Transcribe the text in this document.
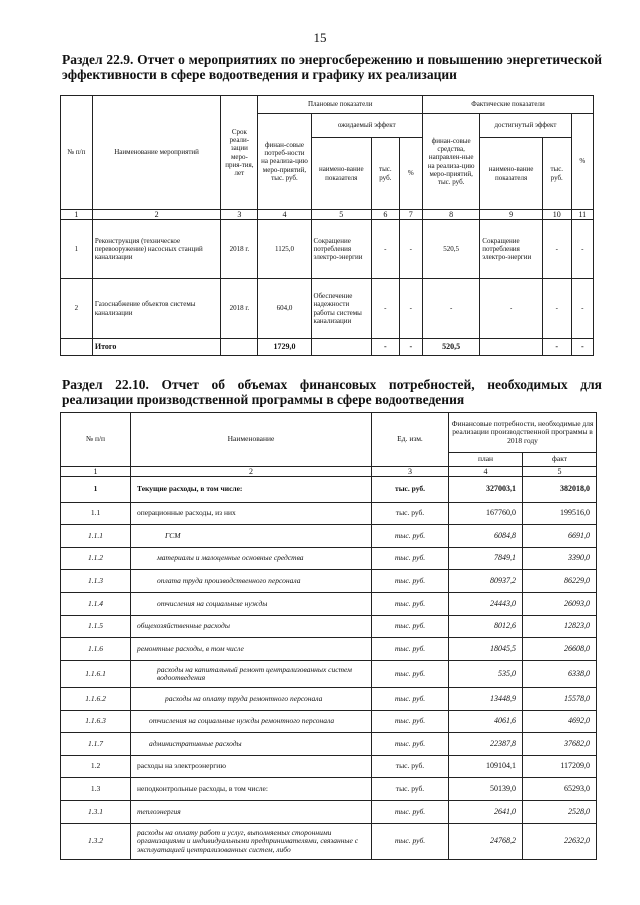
15
Раздел 22.9. Отчет о мероприятиях по энергосбережению и повышению энергетической эффективности в сфере водоотведения и графику их реализации
№ п/п	Наименование мероприятий	Срок реали-зации меро-прия-тия, лет	Плановые показатели				Фактические показатели			
			финан-совые потреб-ности на реализа-цию меро-приятий, тыс. руб.	ожидаемый эффект			финан-совые средства, направлен-ные на реализа-цию меро-приятий, тыс. руб.	достигнутый эффект		%
				наимено-вание показателя	тыс. руб.	%		наимено-вание показателя	тыс. руб.	
1	2	3	4	5	6	7	8	9	10	11
1	Реконструкция (техническое перевооружение) насосных станций канализации	2018 г.	1125,0	Сокращение потребления электро-энергии	-	-	520,5	Сокращение потребления электро-энергии	-	-
2	Газоснабжение объектов системы канализации	2018 г.	604,0	Обеспечение надежности работы системы канализации	-	-	-	-	-	-
	Итого		1729,0		-	-	520,5		-	-
Раздел 22.10. Отчет об объемах финансовых потребностей, необходимых для реализации производственной программы в сфере водоотведения
№ п/п	Наименование	Ед. изм.	Финансовые потребности, необходимые для реализации производственной программы в 2018 году	
			план	факт
1	2	3	4	5
1	Текущие расходы, в том числе:	тыс. руб.	327003,1	382018,0
1.1	операционные расходы, из них	тыс. руб.	167760,0	199516,0
1.1.1	ГСМ	тыс. руб.	6084,8	6691,0
1.1.2	материалы и малоценные основные средства	тыс. руб.	7849,1	3390,0
1.1.3	оплата труда производственного персонала	тыс. руб.	80937,2	86229,0
1.1.4	отчисления на социальные нужды	тыс. руб.	24443,0	26093,0
1.1.5	общехозяйственные расходы	тыс. руб.	8012,6	12823,0
1.1.6	ремонтные расходы, в том числе	тыс. руб.	18045,5	26608,0
1.1.6.1	расходы на капитальный ремонт централизованных систем водоотведения	тыс. руб.	535,0	6338,0
1.1.6.2	расходы на оплату труда ремонтного персонала	тыс. руб.	13448,9	15578,0
1.1.6.3	отчисления на социальные нужды ремонтного персонала	тыс. руб.	4061,6	4692,0
1.1.7	административные расходы	тыс. руб.	22387,8	37682,0
1.2	расходы на электроэнергию	тыс. руб.	109104,1	117209,0
1.3	неподконтрольные расходы, в том числе:	тыс. руб.	50139,0	65293,0
1.3.1	теплоэнергия	тыс. руб.	2641,0	2528,0
1.3.2	расходы на оплату работ и услуг, выполняемых сторонними организациями и индивидуальными предпринимателями, связанные с эксплуатацией централизованных систем, либо	тыс. руб.	24768,2	22632,0
